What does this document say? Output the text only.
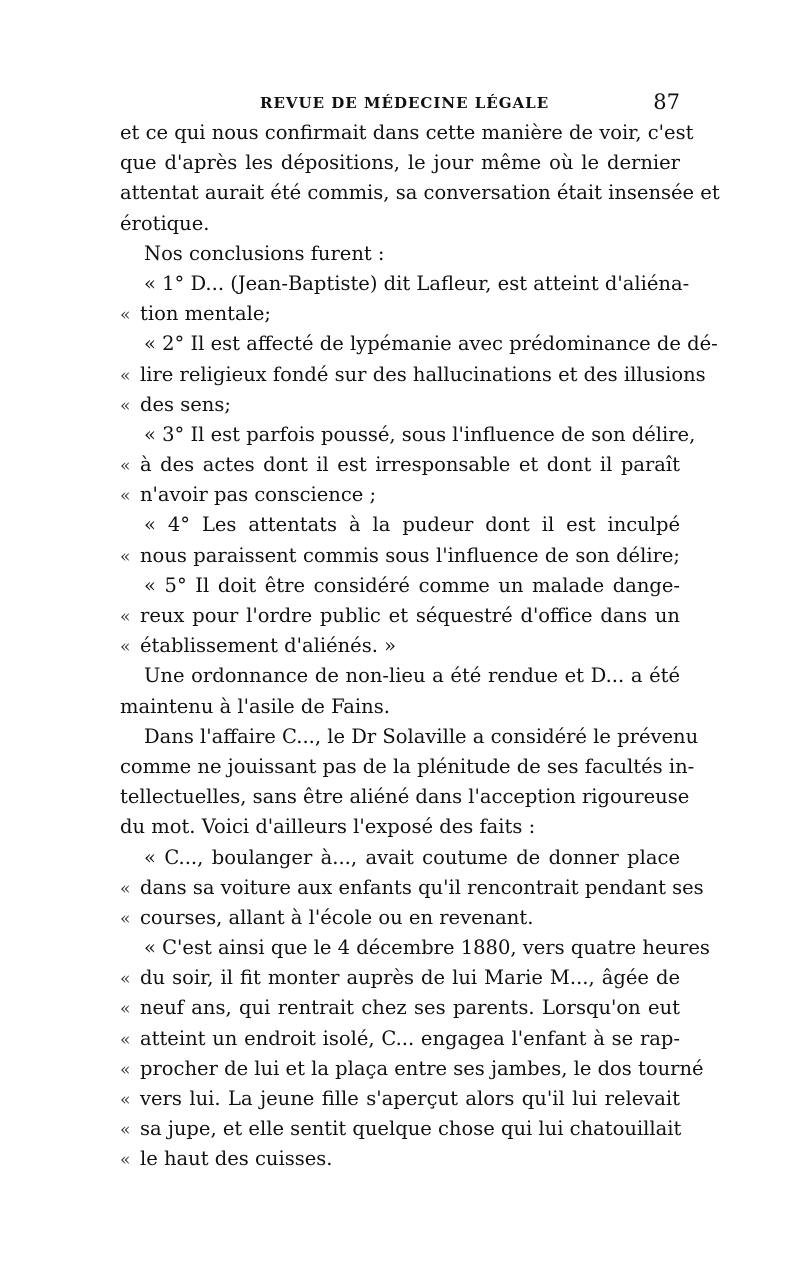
REVUE DE MÉDECINE LÉGALE	87
et ce qui nous confirmait dans cette manière de voir, c'est
que d'après les dépositions, le jour même où le dernier
attentat aurait été commis, sa conversation était insensée et
érotique.
Nos conclusions furent :
« 1° D... (Jean-Baptiste) dit Lafleur, est atteint d'aliéna-
« tion mentale;
« 2° Il est affecté de lypémanie avec prédominance de dé-
« lire religieux fondé sur des hallucinations et des illusions
« des sens;
« 3° Il est parfois poussé, sous l'influence de son délire,
« à des actes dont il est irresponsable et dont il paraît
« n'avoir pas conscience ;
« 4° Les attentats à la pudeur dont il est inculpé
« nous paraissent commis sous l'influence de son délire;
« 5° Il doit être considéré comme un malade dange-
« reux pour l'ordre public et séquestré d'office dans un
« établissement d'aliénés. »
Une ordonnance de non-lieu a été rendue et D... a été
maintenu à l'asile de Fains.
Dans l'affaire C..., le Dr Solaville a considéré le prévenu
comme ne jouissant pas de la plénitude de ses facultés in-
tellectuelles, sans être aliéné dans l'acception rigoureuse
du mot. Voici d'ailleurs l'exposé des faits :
« C..., boulanger à..., avait coutume de donner place
« dans sa voiture aux enfants qu'il rencontrait pendant ses
« courses, allant à l'école ou en revenant.
« C'est ainsi que le 4 décembre 1880, vers quatre heures
« du soir, il fit monter auprès de lui Marie M..., âgée de
« neuf ans, qui rentrait chez ses parents. Lorsqu'on eut
« atteint un endroit isolé, C... engagea l'enfant à se rap-
« procher de lui et la plaça entre ses jambes, le dos tourné
« vers lui. La jeune fille s'aperçut alors qu'il lui relevait
« sa jupe, et elle sentit quelque chose qui lui chatouillait
« le haut des cuisses.
